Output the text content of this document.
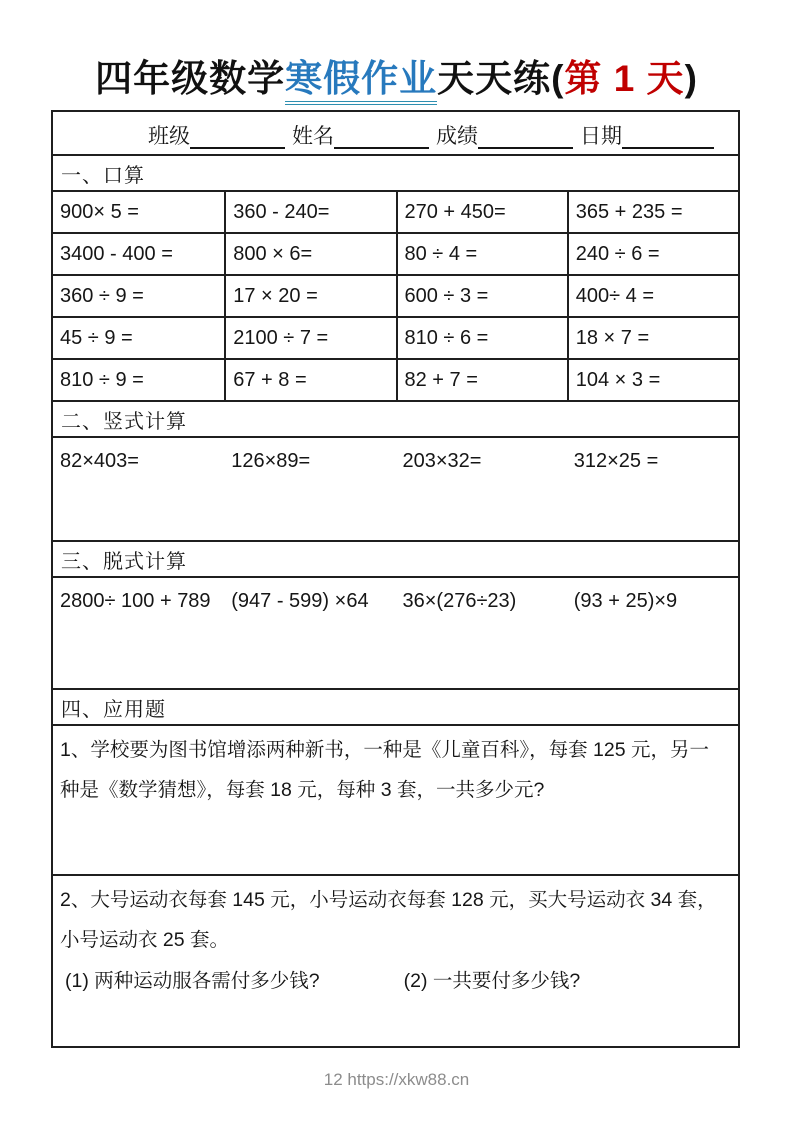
四年级数学寒假作业天天练(第 1 天)
班级	姓名	成绩	日期
一、口算
900× 5 =	360 - 240=	270 + 450=	365 + 235 =
3400 - 400 =	800 × 6=	80 ÷ 4 =	240 ÷ 6 =
360 ÷ 9 =	17 × 20 =	600 ÷ 3 =	400÷ 4 =
45 ÷ 9 =	2100 ÷ 7 =	810 ÷ 6 =	18 × 7 =
810 ÷ 9 =	67 + 8 =	82 + 7 =	104 × 3 =
二、竖式计算
82×403=	126×89=	203×32=	312×25 =
三、脱式计算
2800÷ 100 + 789	(947 - 599) ×64	36×(276÷23)	(93 + 25)×9
四、应用题

1、学校要为图书馆增添两种新书，一种是《儿童百科》，每套 125 元，另一种是《数学猜想》，每套 18 元，每种 3 套，一共多少元?

2、大号运动衣每套 145 元，小号运动衣每套 128 元，买大号运动衣 34 套，小号运动衣 25 套。

(1) 两种运动服各需付多少钱?	(2) 一共要付多少钱?
12 https://xkw88.cn
